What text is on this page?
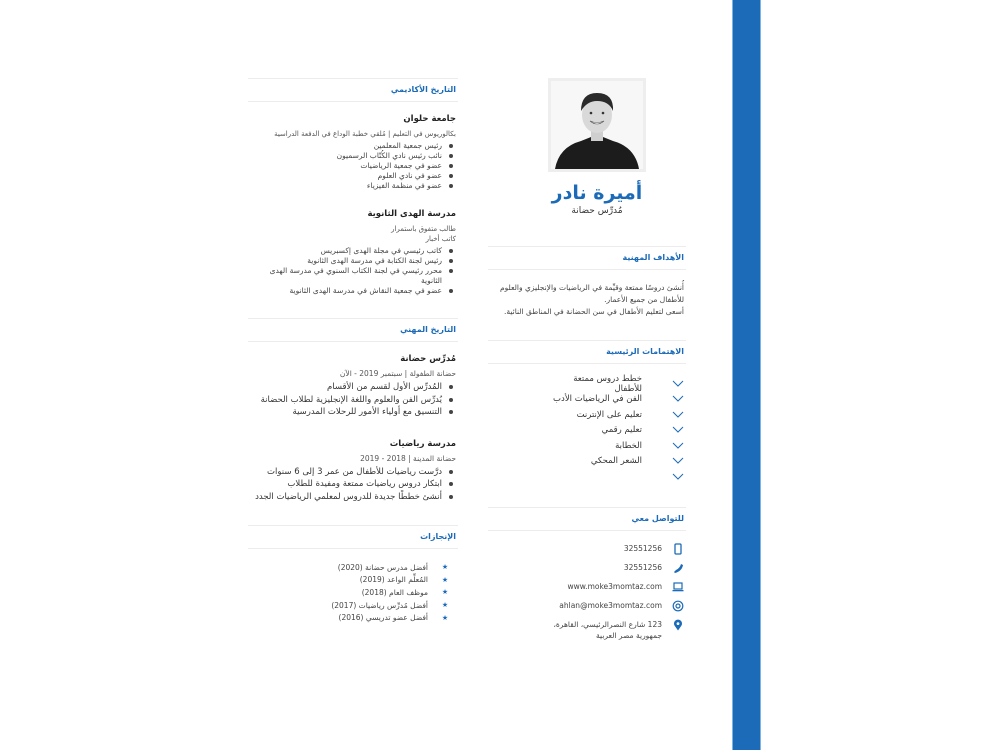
أميرة نادر
مُدرِّس حضانة
الأهداف المهنية
أُنشئ دروسًا ممتعة وقيِّمة في الرياضيات والإنجليزي والعلوم للأطفال من جميع الأعمار.
أسعى لتعليم الأطفال في سن الحضانة في المناطق النائية.
الاهتمامات الرئيسية
خطط دروس ممتعة للأطفال
الفن في الرياضيات الأدب
تعليم على الإنترنت
تعليم رقمي
الخطابة
الشعر المحكي
للتواصل معي
32551256
32551256
www.moke3momtaz.com
ahlan@moke3momtaz.com
123 شارع النصرالرئيسي، القاهرة، جمهورية مصر العربية
التاريخ الأكاديمي
جامعة حلوان
بكالوريوس في التعليم | مُلقي خطبة الوداع في الدفعة الدراسية
رئيس جمعية المعلمين
نائب رئيس نادي الكُتّاب الرسميون
عضو في جمعية الرياضيات
عضو في نادي العلوم
عضو في منظمة الفيزياء
مدرسة الهدى الثانوية
طالب متفوق باستمرار
كاتب أخبار
كاتب رئيسي في مجلة الهدى إكسبريس
رئيس لجنة الكتابة في مدرسة الهدى الثانوية
محرر رئيسي في لجنة الكتاب السنوي في مدرسة الهدى الثانوية
عضو في جمعية النقاش في مدرسة الهدى الثانوية
التاريخ المهني
مُدرِّس حضانة
حضانة الطفولة | سبتمبر 2019 - الآن
المُدرِّس الأول لقسم من الأقسام
يُدرِّس الفن والعلوم واللغة الإنجليزية لطلاب الحضانة
التنسيق مع أولياء الأمور للرحلات المدرسية
مدرسة رياضيات
حضانة المدينة | 2018 - 2019
درَّست رياضيات للأطفال من عمر 3 إلى 6 سنوات
ابتكار دروس رياضيات ممتعة ومفيدة للطلاب
أنشئ خططًا جديدة للدروس لمعلمي الرياضيات الجدد
الإنجازات
★
أفضل مدرس حضانة (2020)
★
المُعلِّم الواعد (2019)
★
موظف العام (2018)
★
أفضل مُدرِّس رياضيات (2017)
★
أفضل عضو تدريسي (2016)
